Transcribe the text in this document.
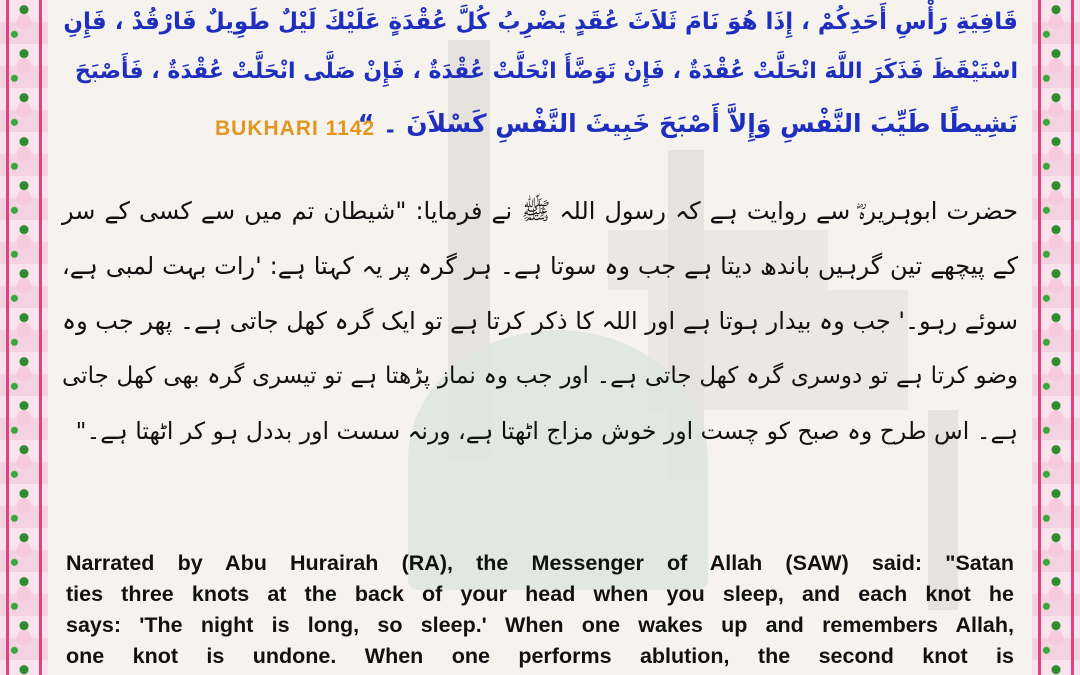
قَافِيَةِ رَأْسِ أَحَدِكُمْ ، إِذَا هُوَ نَامَ ثَلاَثَ عُقَدٍ يَضْرِبُ كُلَّ عُقْدَةٍ عَلَيْكَ لَيْلٌ طَوِيلٌ فَارْقُدْ ، فَإِنِ
اسْتَيْقَظَ فَذَكَرَ اللَّهَ انْحَلَّتْ عُقْدَةٌ ، فَإِنْ تَوَضَّأَ انْحَلَّتْ عُقْدَةٌ ، فَإِنْ صَلَّى انْحَلَّتْ عُقْدَةٌ ، فَأَصْبَحَ
نَشِيطًا طَيِّبَ النَّفْسِ وَإِلاَّ أَصْبَحَ خَبِيثَ النَّفْسِ كَسْلاَنَ ۔ “
BUKHARI 1142
حضرت ابوہریرہؓ سے روایت ہے کہ رسول اللہ ﷺ نے فرمایا: "شیطان تم میں سے کسی کے سر
کے پیچھے تین گرہیں باندھ دیتا ہے جب وہ سوتا ہے۔ ہر گرہ پر یہ کہتا ہے: 'رات بہت لمبی ہے،
سوئے رہو۔' جب وہ بیدار ہوتا ہے اور اللہ کا ذکر کرتا ہے تو ایک گرہ کھل جاتی ہے۔ پھر جب وہ
وضو کرتا ہے تو دوسری گرہ کھل جاتی ہے۔ اور جب وہ نماز پڑھتا ہے تو تیسری گرہ بھی کھل جاتی
ہے۔ اس طرح وہ صبح کو چست اور خوش مزاج اٹھتا ہے، ورنہ سست اور بددل ہو کر اٹھتا ہے۔"
Narrated by Abu Hurairah (RA), the Messenger of Allah (SAW) said: "Satan
ties three knots at the back of your head when you sleep, and each knot he
says: 'The night is long, so sleep.' When one wakes up and remembers Allah,
one knot is undone. When one performs ablution, the second knot is
